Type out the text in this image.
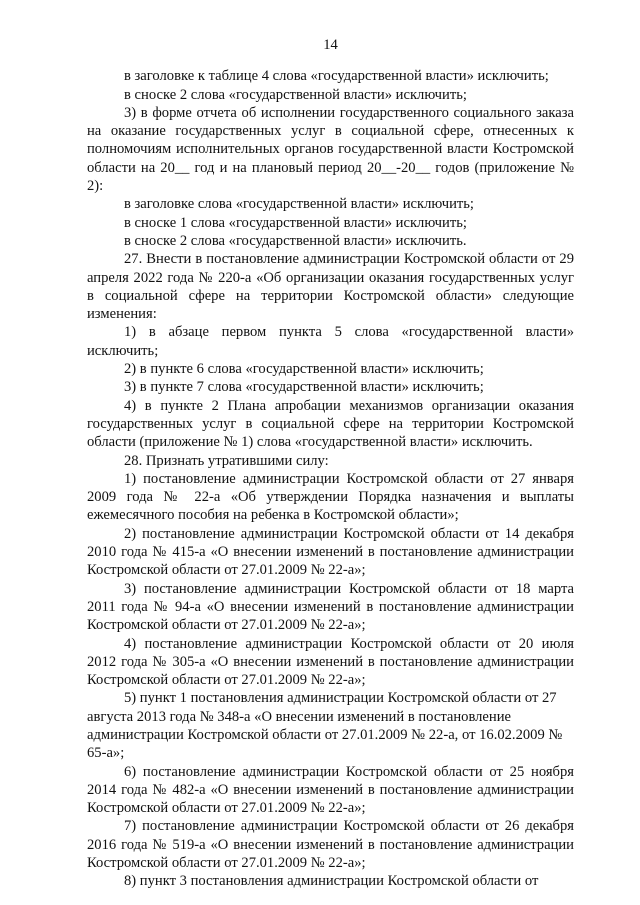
14

в заголовке к таблице 4 слова «государственной власти» исключить;

в сноске 2 слова «государственной власти» исключить;

3) в форме отчета об исполнении государственного социального заказа на оказание государственных услуг в социальной сфере, отнесенных к полномочиям исполнительных органов государственной власти Костромской области на 20__ год и на плановый период 20__-20__ годов (приложение № 2):

в заголовке слова «государственной власти» исключить;

в сноске 1 слова «государственной власти» исключить;

в сноске 2 слова «государственной власти» исключить.

27. Внести в постановление администрации Костромской области от 29 апреля 2022 года № 220-а «Об организации оказания государственных услуг в социальной сфере на территории Костромской области» следующие изменения:

1) в абзаце первом пункта 5 слова «государственной власти» исключить;

2) в пункте 6 слова «государственной власти» исключить;

3) в пункте 7 слова «государственной власти» исключить;

4) в пункте 2 Плана апробации механизмов организации оказания государственных услуг в социальной сфере на территории Костромской области (приложение № 1) слова «государственной власти» исключить.

28. Признать утратившими силу:

1) постановление администрации Костромской области от 27 января 2009 года № 22-а «Об утверждении Порядка назначения и выплаты ежемесячного пособия на ребенка в Костромской области»;

2) постановление администрации Костромской области от 14 декабря 2010 года № 415-а «О внесении изменений в постановление администрации Костромской области от 27.01.2009 № 22-а»;

3) постановление администрации Костромской области от 18 марта 2011 года № 94-а «О внесении изменений в постановление администрации Костромской области от 27.01.2009 № 22-а»;

4) постановление администрации Костромской области от 20 июля 2012 года № 305-а «О внесении изменений в постановление администрации Костромской области от 27.01.2009 № 22-а»;

5) пункт 1 постановления администрации Костромской области от 27 августа 2013 года № 348-а «О внесении изменений в постановление администрации Костромской области от 27.01.2009 № 22-а, от 16.02.2009 № 65-а»;

6) постановление администрации Костромской области от 25 ноября 2014 года № 482-а «О внесении изменений в постановление администрации Костромской области от 27.01.2009 № 22-а»;

7) постановление администрации Костромской области от 26 декабря 2016 года № 519-а «О внесении изменений в постановление администрации Костромской области от 27.01.2009 № 22-а»;

8) пункт 3 постановления администрации Костромской области от
